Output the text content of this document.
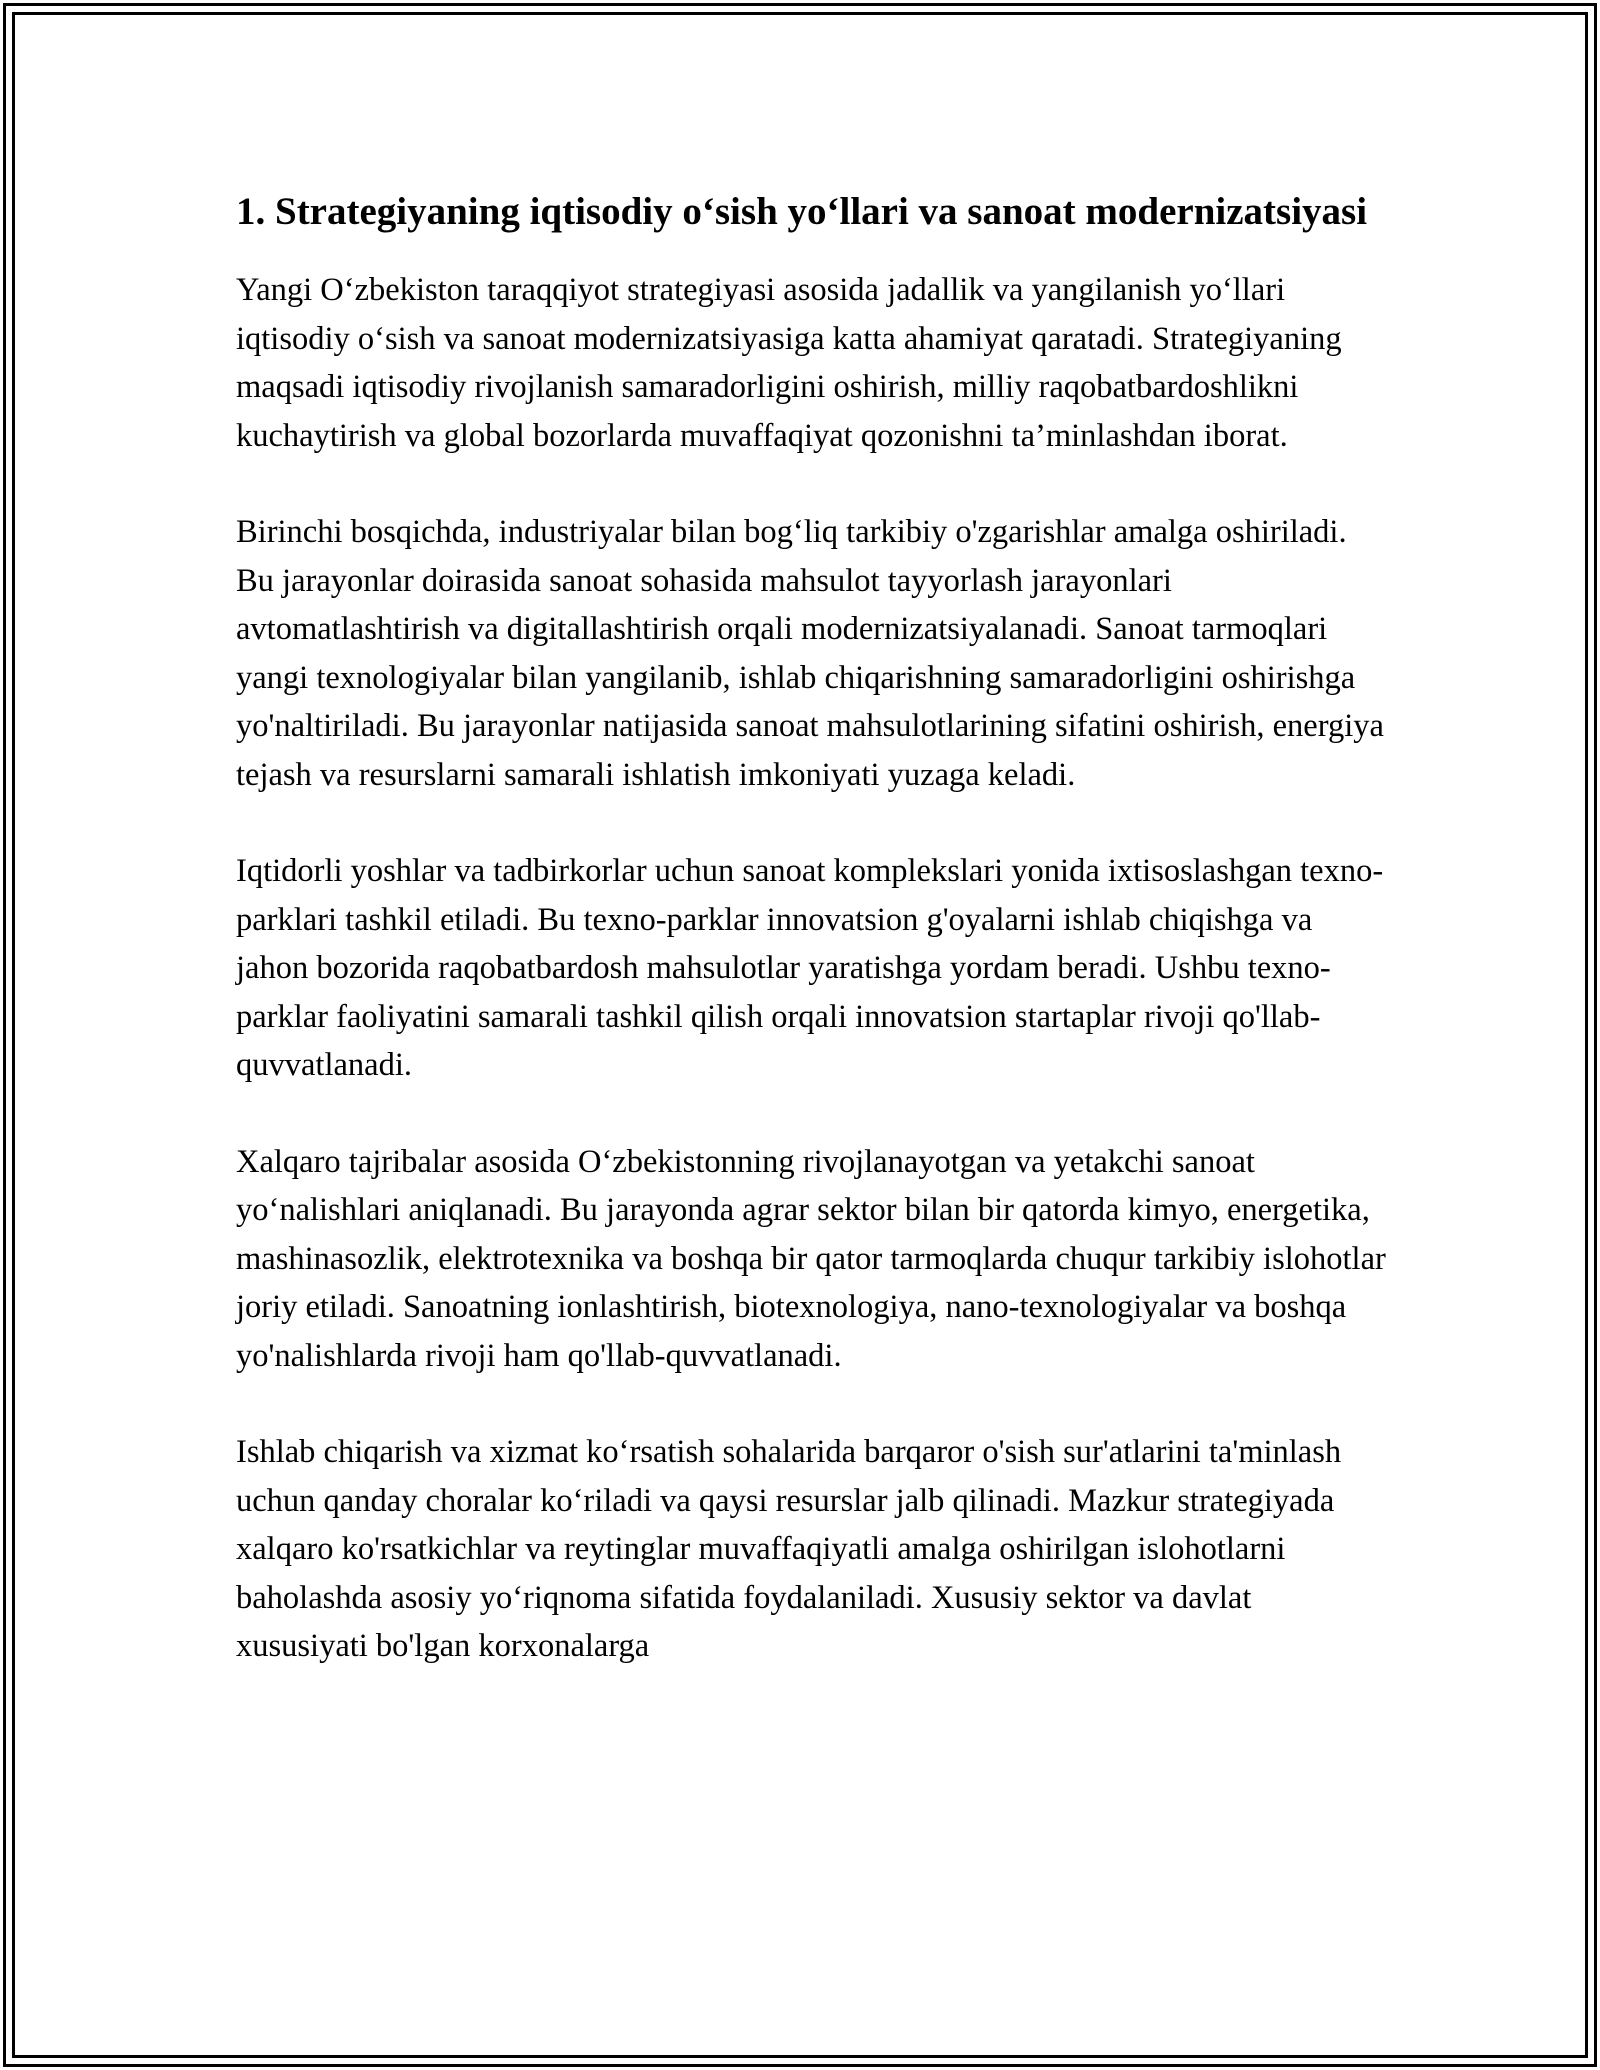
1. Strategiyaning iqtisodiy o‘sish yo‘llari va sanoat modernizatsiyasi

Yangi O‘zbekiston taraqqiyot strategiyasi asosida jadallik va yangilanish yo‘llari iqtisodiy o‘sish va sanoat modernizatsiyasiga katta ahamiyat qaratadi. Strategiyaning maqsadi iqtisodiy rivojlanish samaradorligini oshirish, milliy raqobatbardoshlikni kuchaytirish va global bozorlarda muvaffaqiyat qozonishni ta’minlashdan iborat.

Birinchi bosqichda, industriyalar bilan bog‘liq tarkibiy o'zgarishlar amalga oshiriladi. Bu jarayonlar doirasida sanoat sohasida mahsulot tayyorlash jarayonlari avtomatlashtirish va digitallashtirish orqali modernizatsiyalanadi. Sanoat tarmoqlari yangi texnologiyalar bilan yangilanib, ishlab chiqarishning samaradorligini oshirishga yo'naltiriladi. Bu jarayonlar natijasida sanoat mahsulotlarining sifatini oshirish, energiya tejash va resurslarni samarali ishlatish imkoniyati yuzaga keladi.

Iqtidorli yoshlar va tadbirkorlar uchun sanoat komplekslari yonida ixtisoslashgan texno-parklari tashkil etiladi. Bu texno-parklar innovatsion g'oyalarni ishlab chiqishga va jahon bozorida raqobatbardosh mahsulotlar yaratishga yordam beradi. Ushbu texno-parklar faoliyatini samarali tashkil qilish orqali innovatsion startaplar rivoji qo'llab-quvvatlanadi.

Xalqaro tajribalar asosida O‘zbekistonning rivojlanayotgan va yetakchi sanoat yo‘nalishlari aniqlanadi. Bu jarayonda agrar sektor bilan bir qatorda kimyo, energetika, mashinasozlik, elektrotexnika va boshqa bir qator tarmoqlarda chuqur tarkibiy islohotlar joriy etiladi. Sanoatning ionlashtirish, biotexnologiya, nano-texnologiyalar va boshqa yo'nalishlarda rivoji ham qo'llab-quvvatlanadi.

Ishlab chiqarish va xizmat ko‘rsatish sohalarida barqaror o'sish sur'atlarini ta'minlash uchun qanday choralar ko‘riladi va qaysi resurslar jalb qilinadi. Mazkur strategiyada xalqaro ko'rsatkichlar va reytinglar muvaffaqiyatli amalga oshirilgan islohotlarni baholashda asosiy yo‘riqnoma sifatida foydalaniladi. Xususiy sektor va davlat xususiyati bo'lgan korxonalarga
